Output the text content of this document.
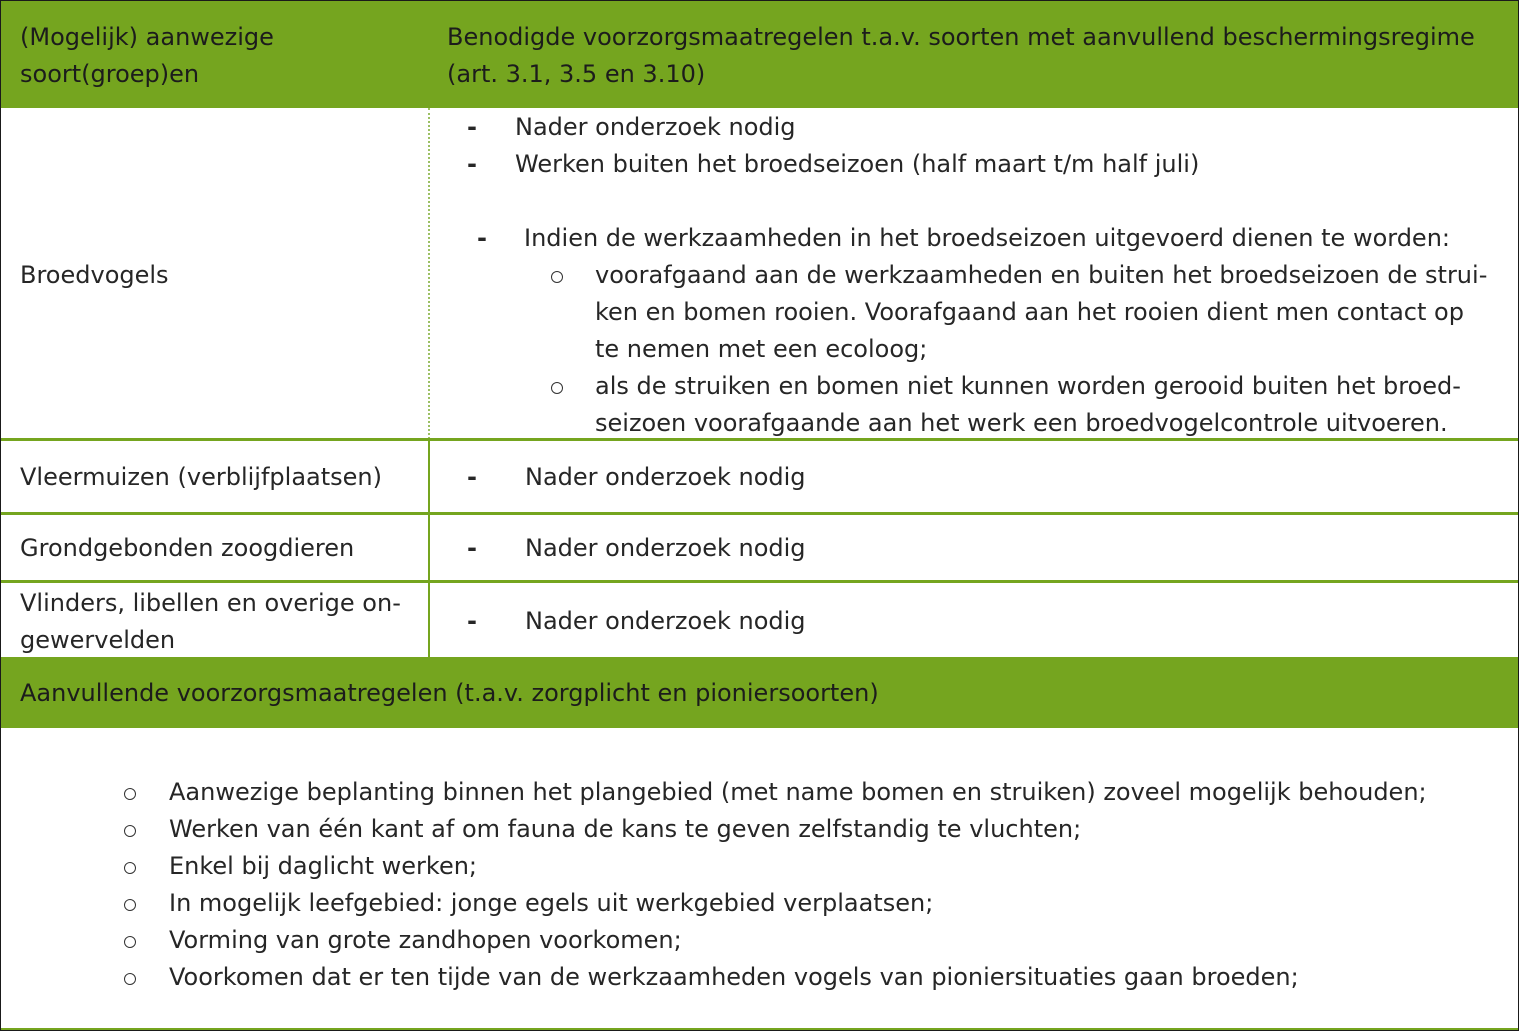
(Mogelijk) aanwezige
soort(groep)en
Benodigde voorzorgsmaatregelen t.a.v. soorten met aanvullend beschermingsregime
(art. 3.1, 3.5 en 3.10)
Broedvogels
- Nader onderzoek nodig
- Werken buiten het broedseizoen (half maart t/m half juli)
- Indien de werkzaamheden in het broedseizoen uitgevoerd dienen te worden:
voorafgaand aan de werkzaamheden en buiten het broedseizoen de strui-
ken en bomen rooien. Voorafgaand aan het rooien dient men contact op
te nemen met een ecoloog;
als de struiken en bomen niet kunnen worden gerooid buiten het broed-
seizoen voorafgaande aan het werk een broedvogelcontrole uitvoeren.
Vleermuizen (verblijfplaatsen)	- Nader onderzoek nodig
Grondgebonden zoogdieren	- Nader onderzoek nodig
Vlinders, libellen en overige on-
gewervelden
- Nader onderzoek nodig
Aanvullende voorzorgsmaatregelen (t.a.v. zorgplicht en pioniersoorten)
Aanwezige beplanting binnen het plangebied (met name bomen en struiken) zoveel mogelijk behouden;
Werken van één kant af om fauna de kans te geven zelfstandig te vluchten;
Enkel bij daglicht werken;
In mogelijk leefgebied: jonge egels uit werkgebied verplaatsen;
Vorming van grote zandhopen voorkomen;
Voorkomen dat er ten tijde van de werkzaamheden vogels van pioniersituaties gaan broeden;
